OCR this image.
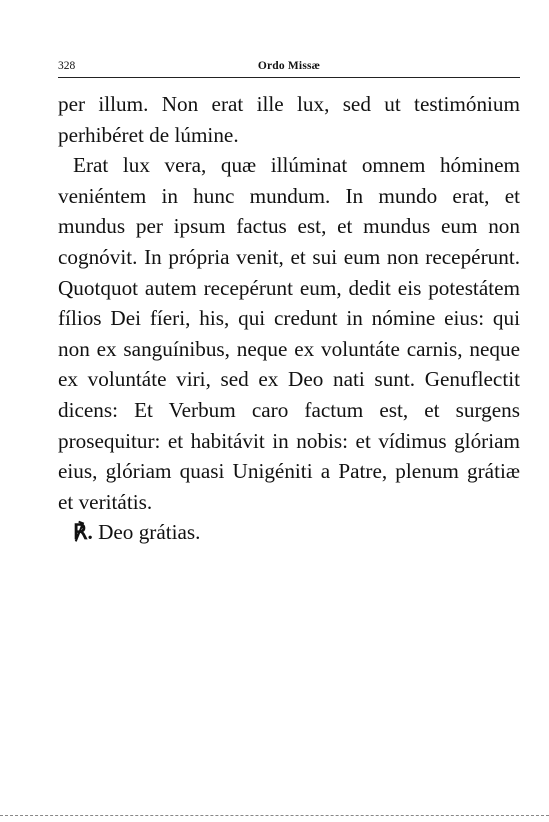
328	Ordo Missæ

per illum. Non erat ille lux, sed ut testimónium perhibéret de lúmine.

Erat lux vera, quæ illúminat omnem hóminem veniéntem in hunc mundum. In mundo erat, et mundus per ipsum factus est, et mundus eum non cognóvit. In própria venit, et sui eum non recepérunt. Quotquot autem recepérunt eum, dedit eis potestátem fílios Dei fíeri, his, qui credunt in nómine eius: qui non ex sanguínibus, neque ex voluntáte carnis, neque ex voluntáte viri, sed ex Deo nati sunt. Genuflectit dicens: Et Verbum caro factum est, et surgens prosequitur: et habitávit in nobis: et vídimus glóriam eius, glóriam quasi Unigéniti a Patre, plenum grátiæ et veritátis.

℟. Deo grátias.
